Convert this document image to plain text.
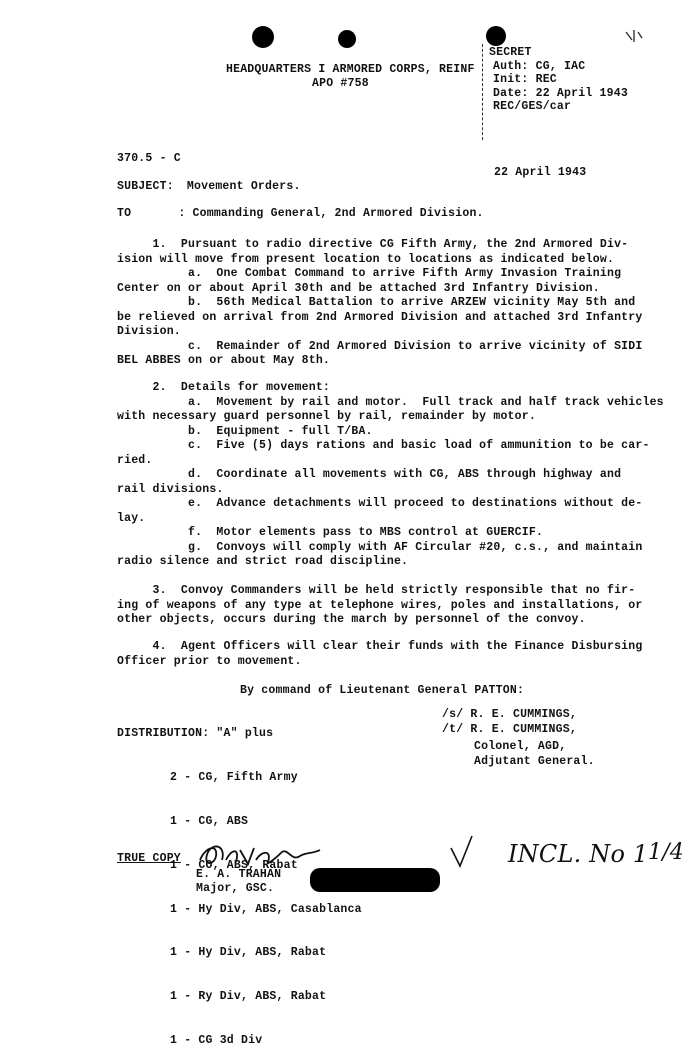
HEADQUARTERS I ARMORED CORPS, REINF
APO #758
SECRET
Auth: CG, IAC
Init: REC
Date: 22 April 1943
REC/GES/car
370.5 - C
22 April 1943
SUBJECT: Movement Orders.
TO	: Commanding General, 2nd Armored Division.
1.  Pursuant to radio directive CG Fifth Army, the 2nd Armored Div-
ision will move from present location to locations as indicated below.
a.  One Combat Command to arrive Fifth Army Invasion Training
Center on or about April 30th and be attached 3rd Infantry Division.
b.  56th Medical Battalion to arrive ARZEW vicinity May 5th and
be relieved on arrival from 2nd Armored Division and attached 3rd Infantry
Division.
c.  Remainder of 2nd Armored Division to arrive vicinity of SIDI
BEL ABBES on or about May 8th.
2.  Details for movement:
a.  Movement by rail and motor.  Full track and half track vehicles
with necessary guard personnel by rail, remainder by motor.
b.  Equipment - full T/BA.
c.  Five (5) days rations and basic load of ammunition to be car-
ried.
d.  Coordinate all movements with CG, ABS through highway and
rail divisions.
e.  Advance detachments will proceed to destinations without de-
lay.
f.  Motor elements pass to MBS control at GUERCIF.
g.  Convoys will comply with AF Circular #20, c.s., and maintain
radio silence and strict road discipline.
3.  Convoy Commanders will be held strictly responsible that no fir-
ing of weapons of any type at telephone wires, poles and installations, or
other objects, occurs during the march by personnel of the convoy.
4.  Agent Officers will clear their funds with the Finance Disbursing
Officer prior to movement.
By command of Lieutenant General PATTON:
/s/ R. E. CUMMINGS,
/t/ R. E. CUMMINGS,
Colonel, AGD,
Adjutant General.
DISTRIBUTION: "A" plus

2 - CG, Fifth Army

1 - CG, ABS

1 - CO, ABS, Rabat

1 - Hy Div, ABS, Casablanca

1 - Hy Div, ABS, Rabat

1 - Ry Div, ABS, Rabat

1 - CG 3d Div

TRUE COPY
E. A. TRAHAN
Major, GSC.
INCL. No 1 1/4
